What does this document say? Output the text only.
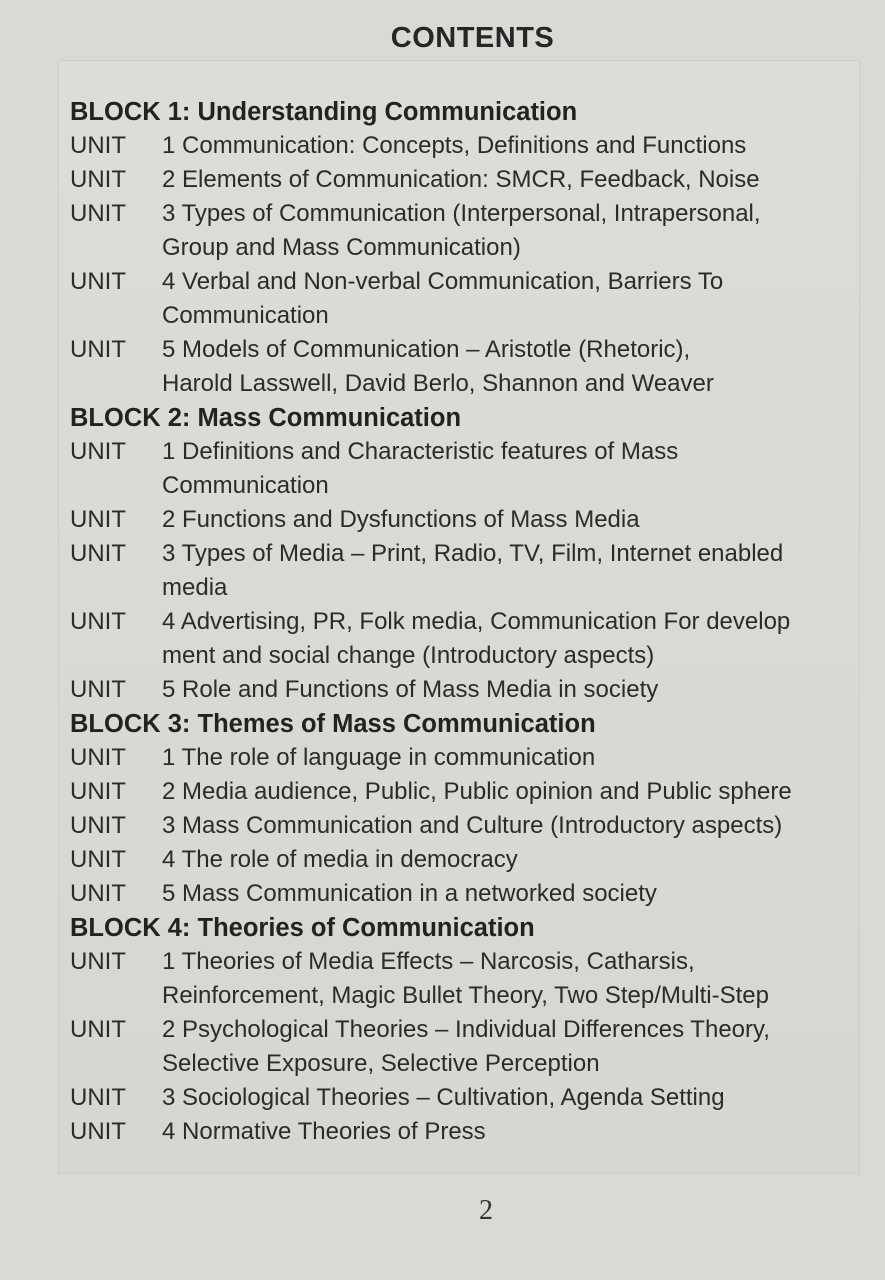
CONTENTS
BLOCK 1: Understanding Communication
UNIT	1 Communication: Concepts, Definitions and Functions
UNIT	2 Elements of Communication: SMCR, Feedback, Noise
UNIT	3 Types of Communication (Interpersonal, Intrapersonal,
Group and Mass Communication)
UNIT	4 Verbal and Non-verbal Communication, Barriers To
Communication
UNIT	5 Models of Communication – Aristotle (Rhetoric),
Harold Lasswell, David Berlo, Shannon and Weaver
BLOCK 2: Mass Communication
UNIT	1 Definitions and Characteristic features of Mass
Communication
UNIT	2 Functions and Dysfunctions of Mass Media
UNIT	3 Types of Media – Print, Radio, TV, Film, Internet enabled
media
UNIT	4 Advertising, PR, Folk media, Communication For develop
ment and social change (Introductory aspects)
UNIT	5 Role and Functions of Mass Media in society
BLOCK 3: Themes of Mass Communication
UNIT	1 The role of language in communication
UNIT	2 Media audience, Public, Public opinion and Public sphere
UNIT	3 Mass Communication and Culture (Introductory aspects)
UNIT	4 The role of media in democracy
UNIT	5 Mass Communication in a networked society
BLOCK 4: Theories of Communication
UNIT	1 Theories of Media Effects – Narcosis, Catharsis,
Reinforcement, Magic Bullet Theory, Two Step/Multi-Step
UNIT	2 Psychological Theories – Individual Differences Theory,
Selective Exposure, Selective Perception
UNIT	3 Sociological Theories – Cultivation, Agenda Setting
UNIT	4 Normative Theories of Press
2
